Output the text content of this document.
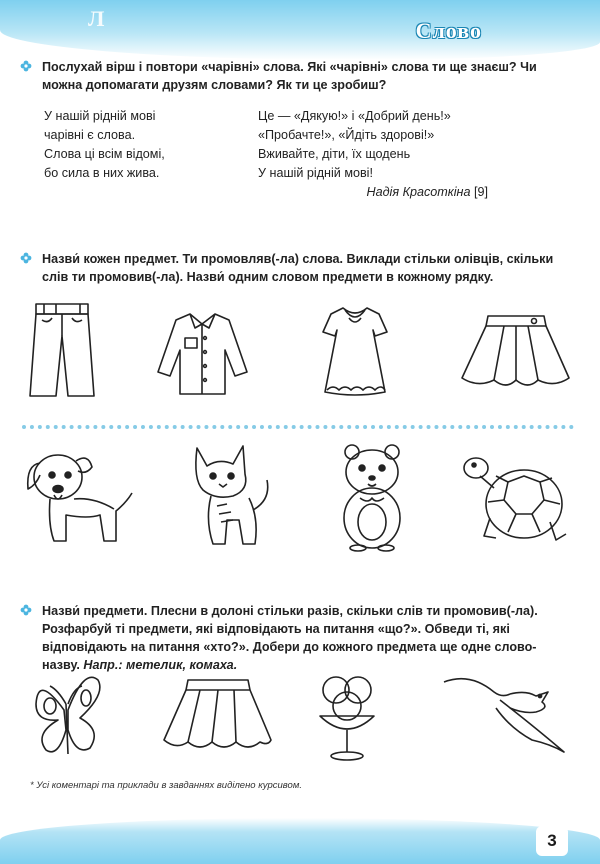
Л	Слово
Послухай вірш і повтори «чарівні» слова. Які «чарівні» слова ти ще знаєш? Чи можна допомагати друзям словами? Як ти це зробиш?
У нашій рідній мові
чарівні є слова.
Слова ці всім відомі,
бо сила в них жива.
Це — «Дякую!» і «Добрий день!»
«Пробачте!», «Йдіть здорові!»
Вживайте, діти, їх щодень
У нашій рідній мові!
Надія Красоткіна [9]
Назви́ кожен предмет. Ти промовляв(-ла) слова. Виклади стільки олівців, скільки слів ти промовив(-ла). Назви́ одним словом предмети в кожному рядку.
Назви́ предмети. Плесни в долоні стільки разів, скільки слів ти промовив(-ла). Розфарбуй ті предмети, які відповідають на питання «що?». Обведи ті, які відповідають на питання «хто?». Добери до кожного предмета ще одне слово-назву. Напр.: метелик, комаха.
* Усі коментарі та приклади в завданнях виділено курсивом.
3
